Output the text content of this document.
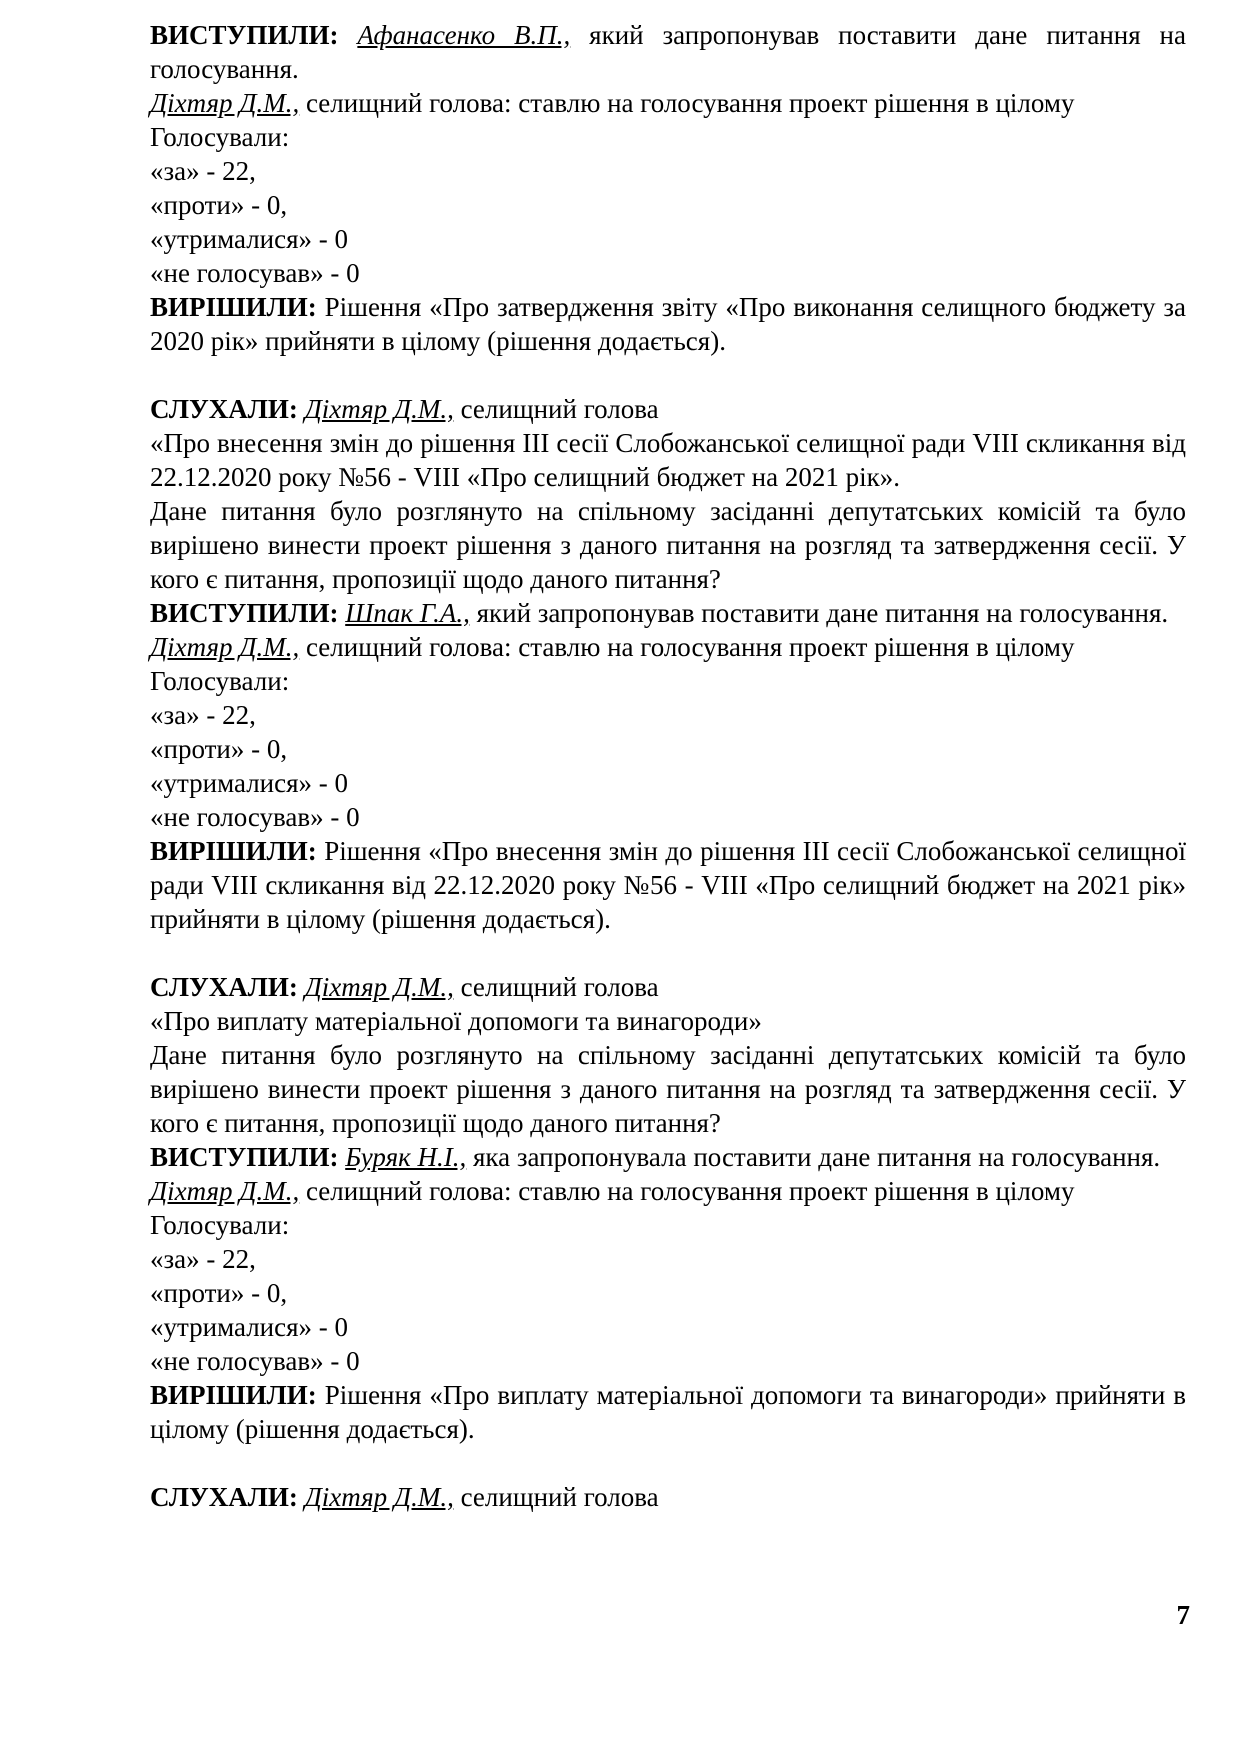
ВИСТУПИЛИ: Афанасенко В.П., який запропонував поставити дане питання на голосування.

Діхтяр Д.М., селищний голова: ставлю на голосування проект рішення в цілому

Голосували:

«за» - 22,

«проти» - 0,

«утрималися» - 0

«не голосував» - 0

ВИРІШИЛИ: Рішення «Про затвердження звіту «Про виконання селищного бюджету за 2020 рік» прийняти в цілому (рішення додається).

СЛУХАЛИ: Діхтяр Д.М., селищний голова

«Про внесення змін до рішення ІІІ сесії Слобожанської селищної ради VIII скликання від 22.12.2020 року №56 - VIII «Про селищний бюджет на 2021 рік».

Дане питання було розглянуто на спільному засіданні депутатських комісій та було вирішено винести проект рішення з даного питання на розгляд та затвердження сесії. У кого є питання, пропозиції щодо даного питання?

ВИСТУПИЛИ: Шпак Г.А., який запропонував поставити дане питання на голосування.

Діхтяр Д.М., селищний голова: ставлю на голосування проект рішення в цілому

Голосували:

«за» - 22,

«проти» - 0,

«утрималися» - 0

«не голосував» - 0

ВИРІШИЛИ: Рішення «Про внесення змін до рішення ІІІ сесії Слобожанської селищної ради VIII скликання від 22.12.2020 року №56 - VIII «Про селищний бюджет на 2021 рік» прийняти в цілому (рішення додається).

СЛУХАЛИ: Діхтяр Д.М., селищний голова

«Про виплату матеріальної допомоги та винагороди»

Дане питання було розглянуто на спільному засіданні депутатських комісій та було вирішено винести проект рішення з даного питання на розгляд та затвердження сесії. У кого є питання, пропозиції щодо даного питання?

ВИСТУПИЛИ: Буряк Н.І., яка запропонувала поставити дане питання на голосування.

Діхтяр Д.М., селищний голова: ставлю на голосування проект рішення в цілому

Голосували:

«за» - 22,

«проти» - 0,

«утрималися» - 0

«не голосував» - 0

ВИРІШИЛИ: Рішення «Про виплату матеріальної допомоги та винагороди» прийняти в цілому (рішення додається).

СЛУХАЛИ: Діхтяр Д.М., селищний голова

7
